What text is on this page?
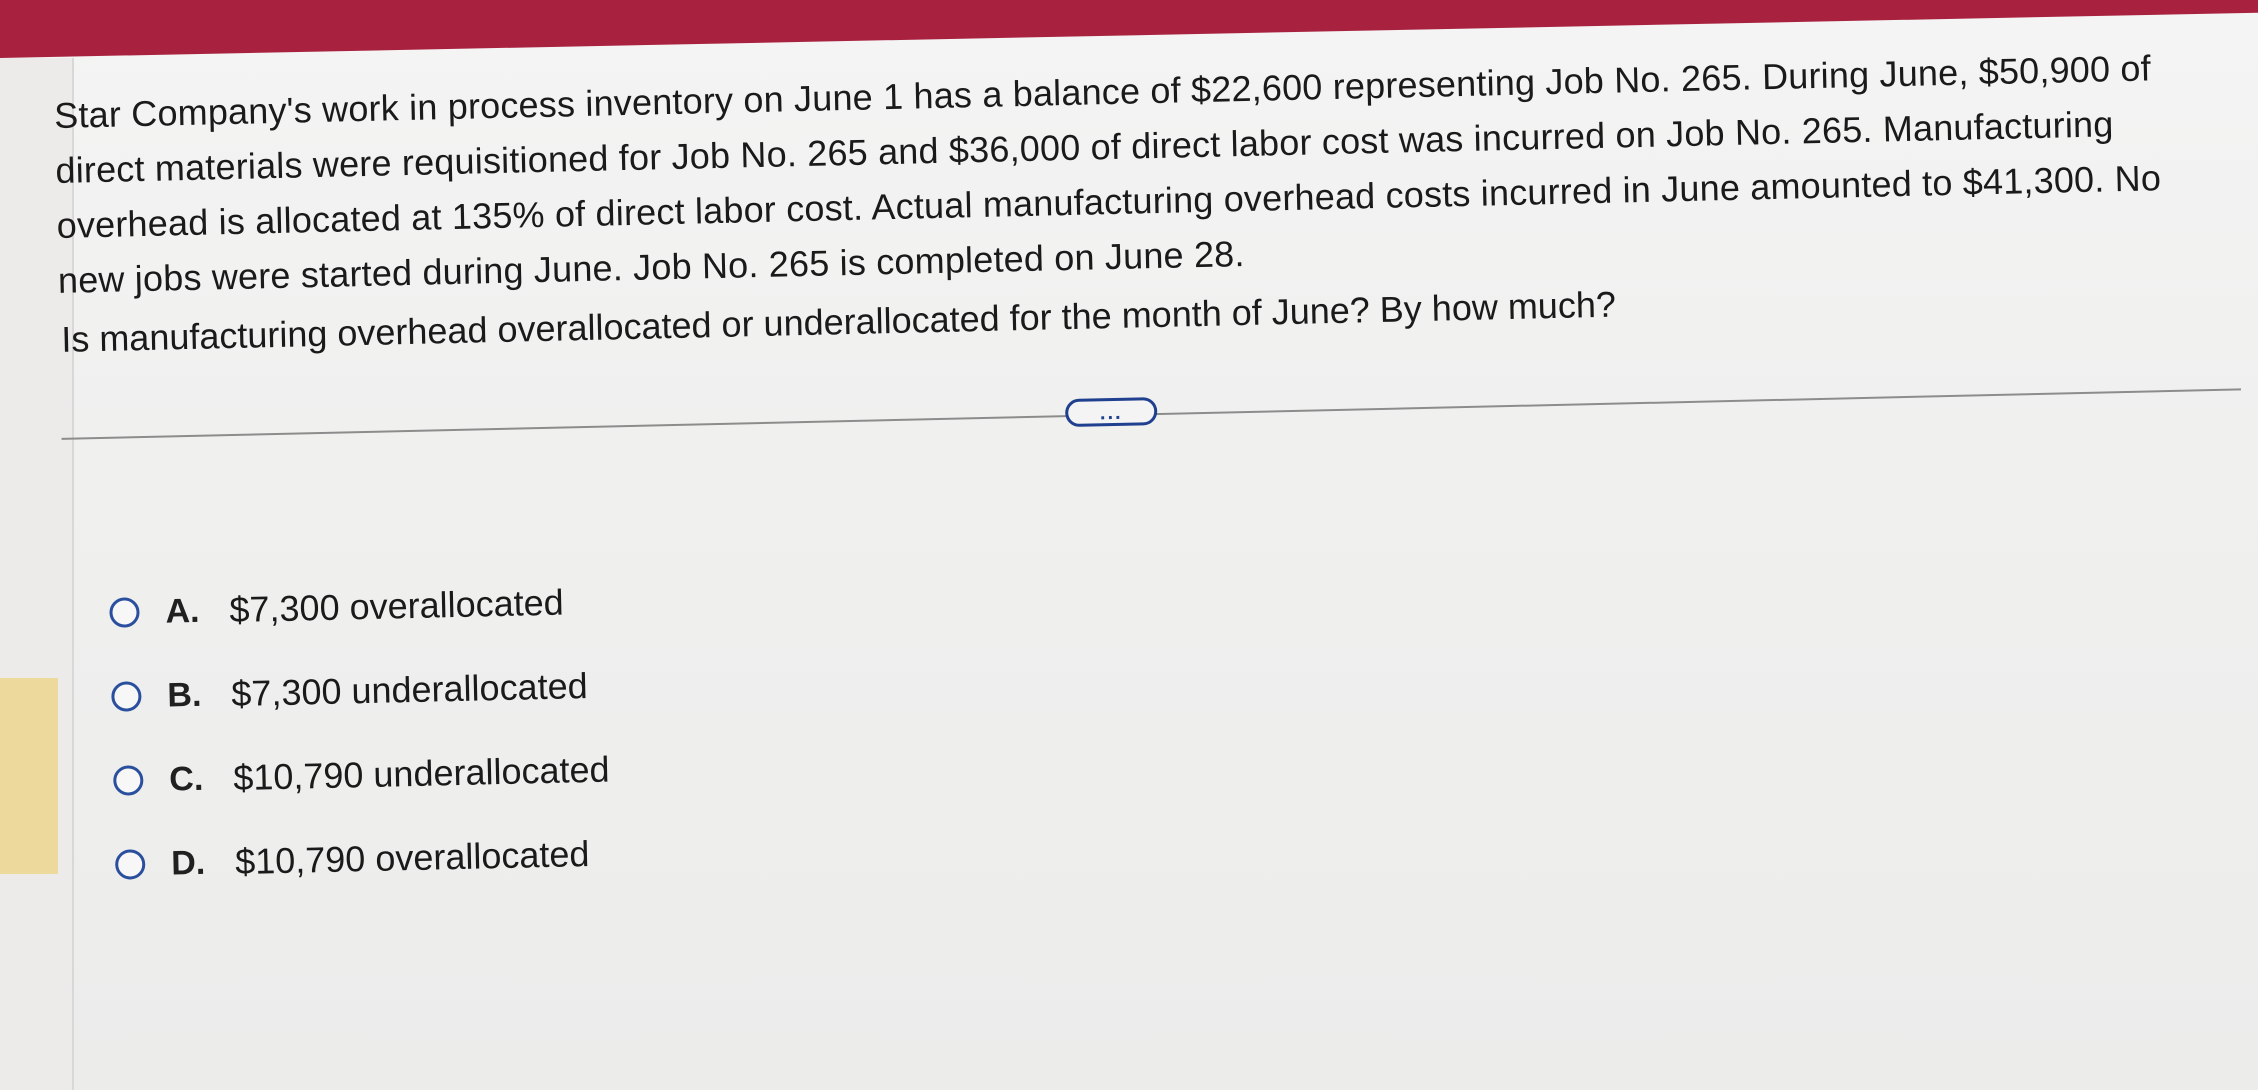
Star Company's work in process inventory on June 1 has a balance of $22,600 representing Job No. 265. During June, $50,900 of direct materials were requisitioned for Job No. 265 and $36,000 of direct labor cost was incurred on Job No. 265. Manufacturing overhead is allocated at 135% of direct labor cost. Actual manufacturing overhead costs incurred in June amounted to $41,300. No new jobs were started during June. Job No. 265 is completed on June 28.

Is manufacturing overhead overallocated or underallocated for the month of June? By how much?

...
A. $7,300 overallocated
B. $7,300 underallocated
C. $10,790 underallocated
D. $10,790 overallocated
